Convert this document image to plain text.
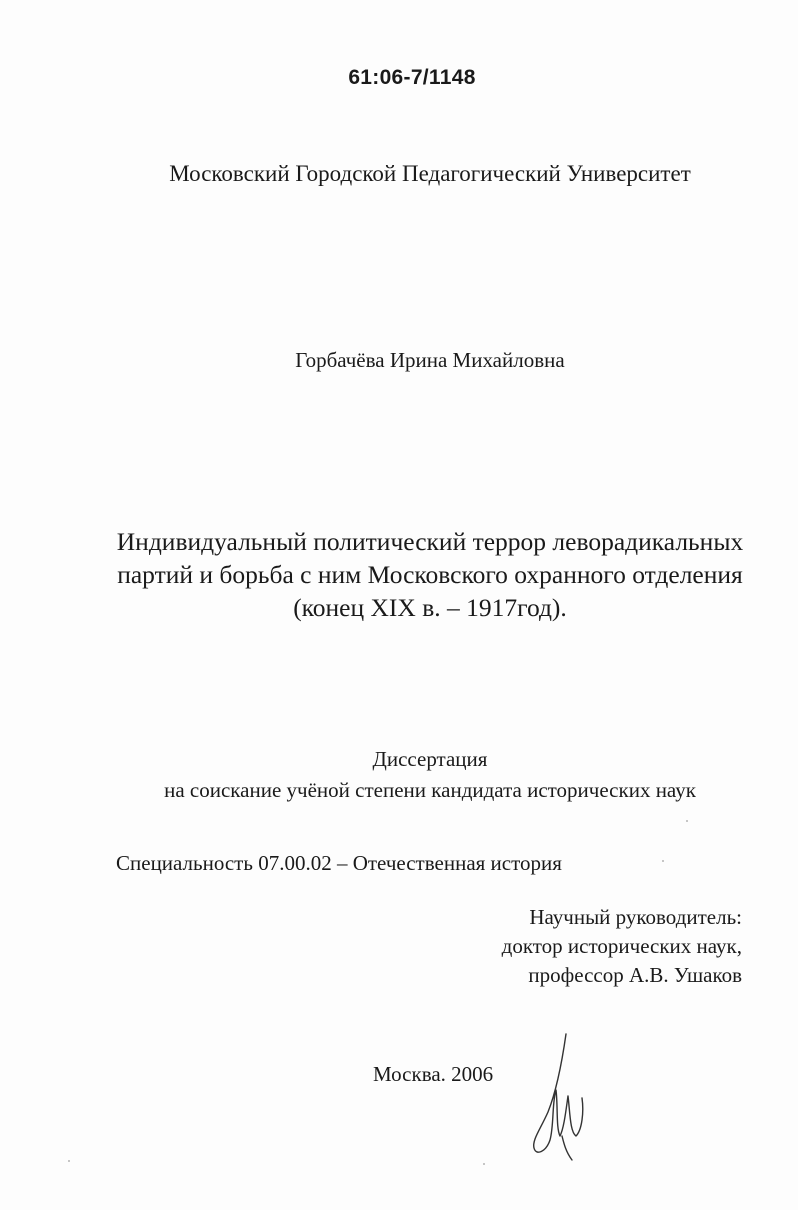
61:06-7/1148
Московский Городской Педагогический Университет
Горбачёва Ирина Михайловна
Индивидуальный политический террор леворадикальных
партий и борьба с ним Московского охранного отделения
(конец XIX в. – 1917год).
Диссертация
на соискание учёной степени кандидата исторических наук
Специальность 07.00.02 – Отечественная история
Научный руководитель:
доктор исторических наук,
профессор А.В. Ушаков
Москва. 2006
